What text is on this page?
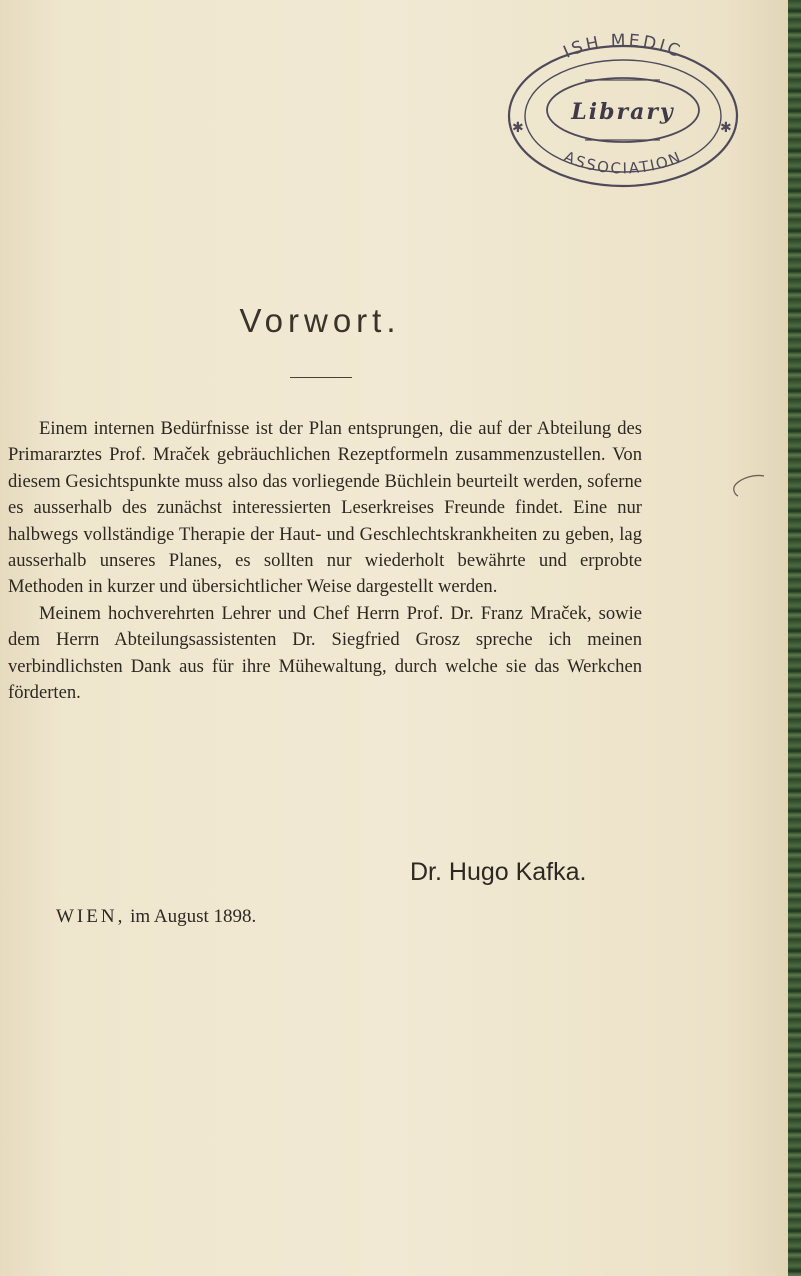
ISH MEDIC
Library
ASSOCIATION
✱	✱
Vorwort.

Einem internen Bedürfnisse ist der Plan entsprungen, die auf der Abteilung des Primararztes Prof. Mraček gebräuchlichen Rezeptformeln zusammenzustellen. Von diesem Gesichtspunkte muss also das vorliegende Büchlein beurteilt werden, soferne es ausserhalb des zunächst interessierten Leserkreises Freunde findet. Eine nur halbwegs vollständige Therapie der Haut- und Geschlechtskrankheiten zu geben, lag ausserhalb unseres Planes, es sollten nur wiederholt bewährte und erprobte Methoden in kurzer und übersichtlicher Weise dargestellt werden.

Meinem hochverehrten Lehrer und Chef Herrn Prof. Dr. Franz Mraček, sowie dem Herrn Abteilungsassistenten Dr. Siegfried Grosz spreche ich meinen verbindlichsten Dank aus für ihre Mühewaltung, durch welche sie das Werkchen förderten.

Dr. Hugo Kafka.
WIEN, im August 1898.
